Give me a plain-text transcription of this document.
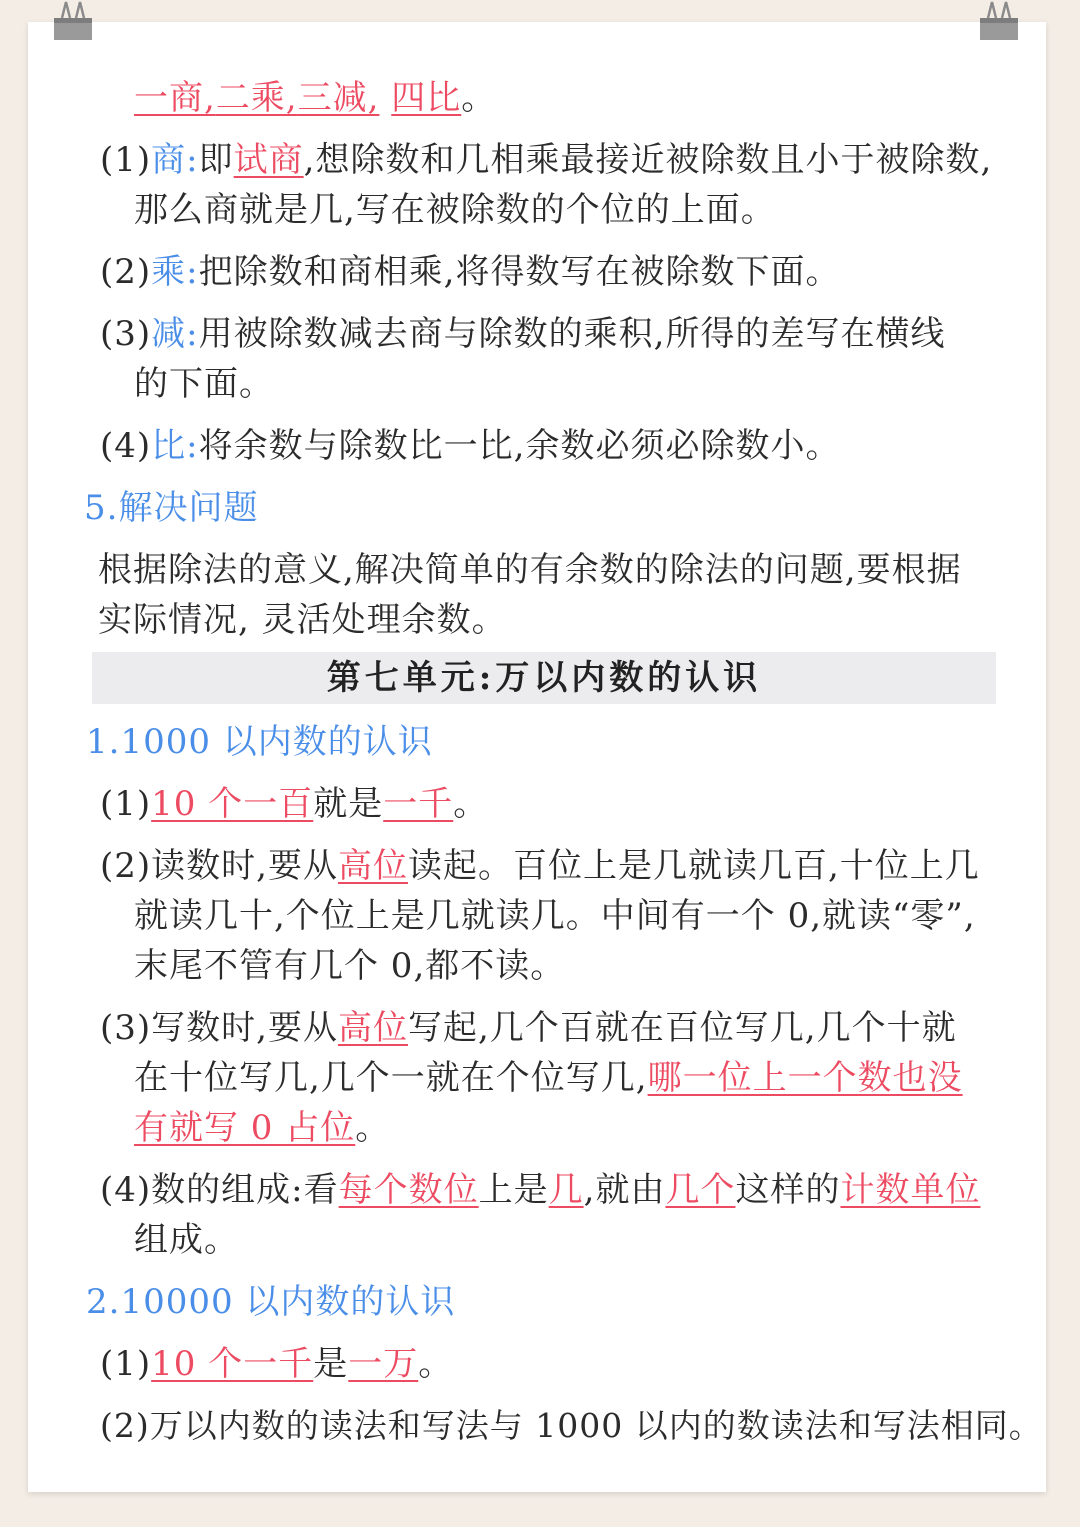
一商,二乘,三减, 四比。
(1)商:即试商,想除数和几相乘最接近被除数且小于被除数,
那么商就是几,写在被除数的个位的上面。
(2)乘:把除数和商相乘,将得数写在被除数下面。
(3)减:用被除数减去商与除数的乘积,所得的差写在横线
的下面。
(4)比:将余数与除数比一比,余数必须必除数小。
5.解决问题
根据除法的意义,解决简单的有余数的除法的问题,要根据
实际情况, 灵活处理余数。
第七单元:万以内数的认识
1.1000 以内数的认识
(1)10 个一百就是一千。
(2)读数时,要从高位读起。百位上是几就读几百,十位上几
就读几十,个位上是几就读几。中间有一个 0,就读“零”,
末尾不管有几个 0,都不读。
(3)写数时,要从高位写起,几个百就在百位写几,几个十就
在十位写几,几个一就在个位写几,哪一位上一个数也没
有就写 0 占位。
(4)数的组成:看每个数位上是几,就由几个这样的计数单位
组成。
2.10000 以内数的认识
(1)10 个一千是一万。
(2)万以内数的读法和写法与 1000 以内的数读法和写法相同。
